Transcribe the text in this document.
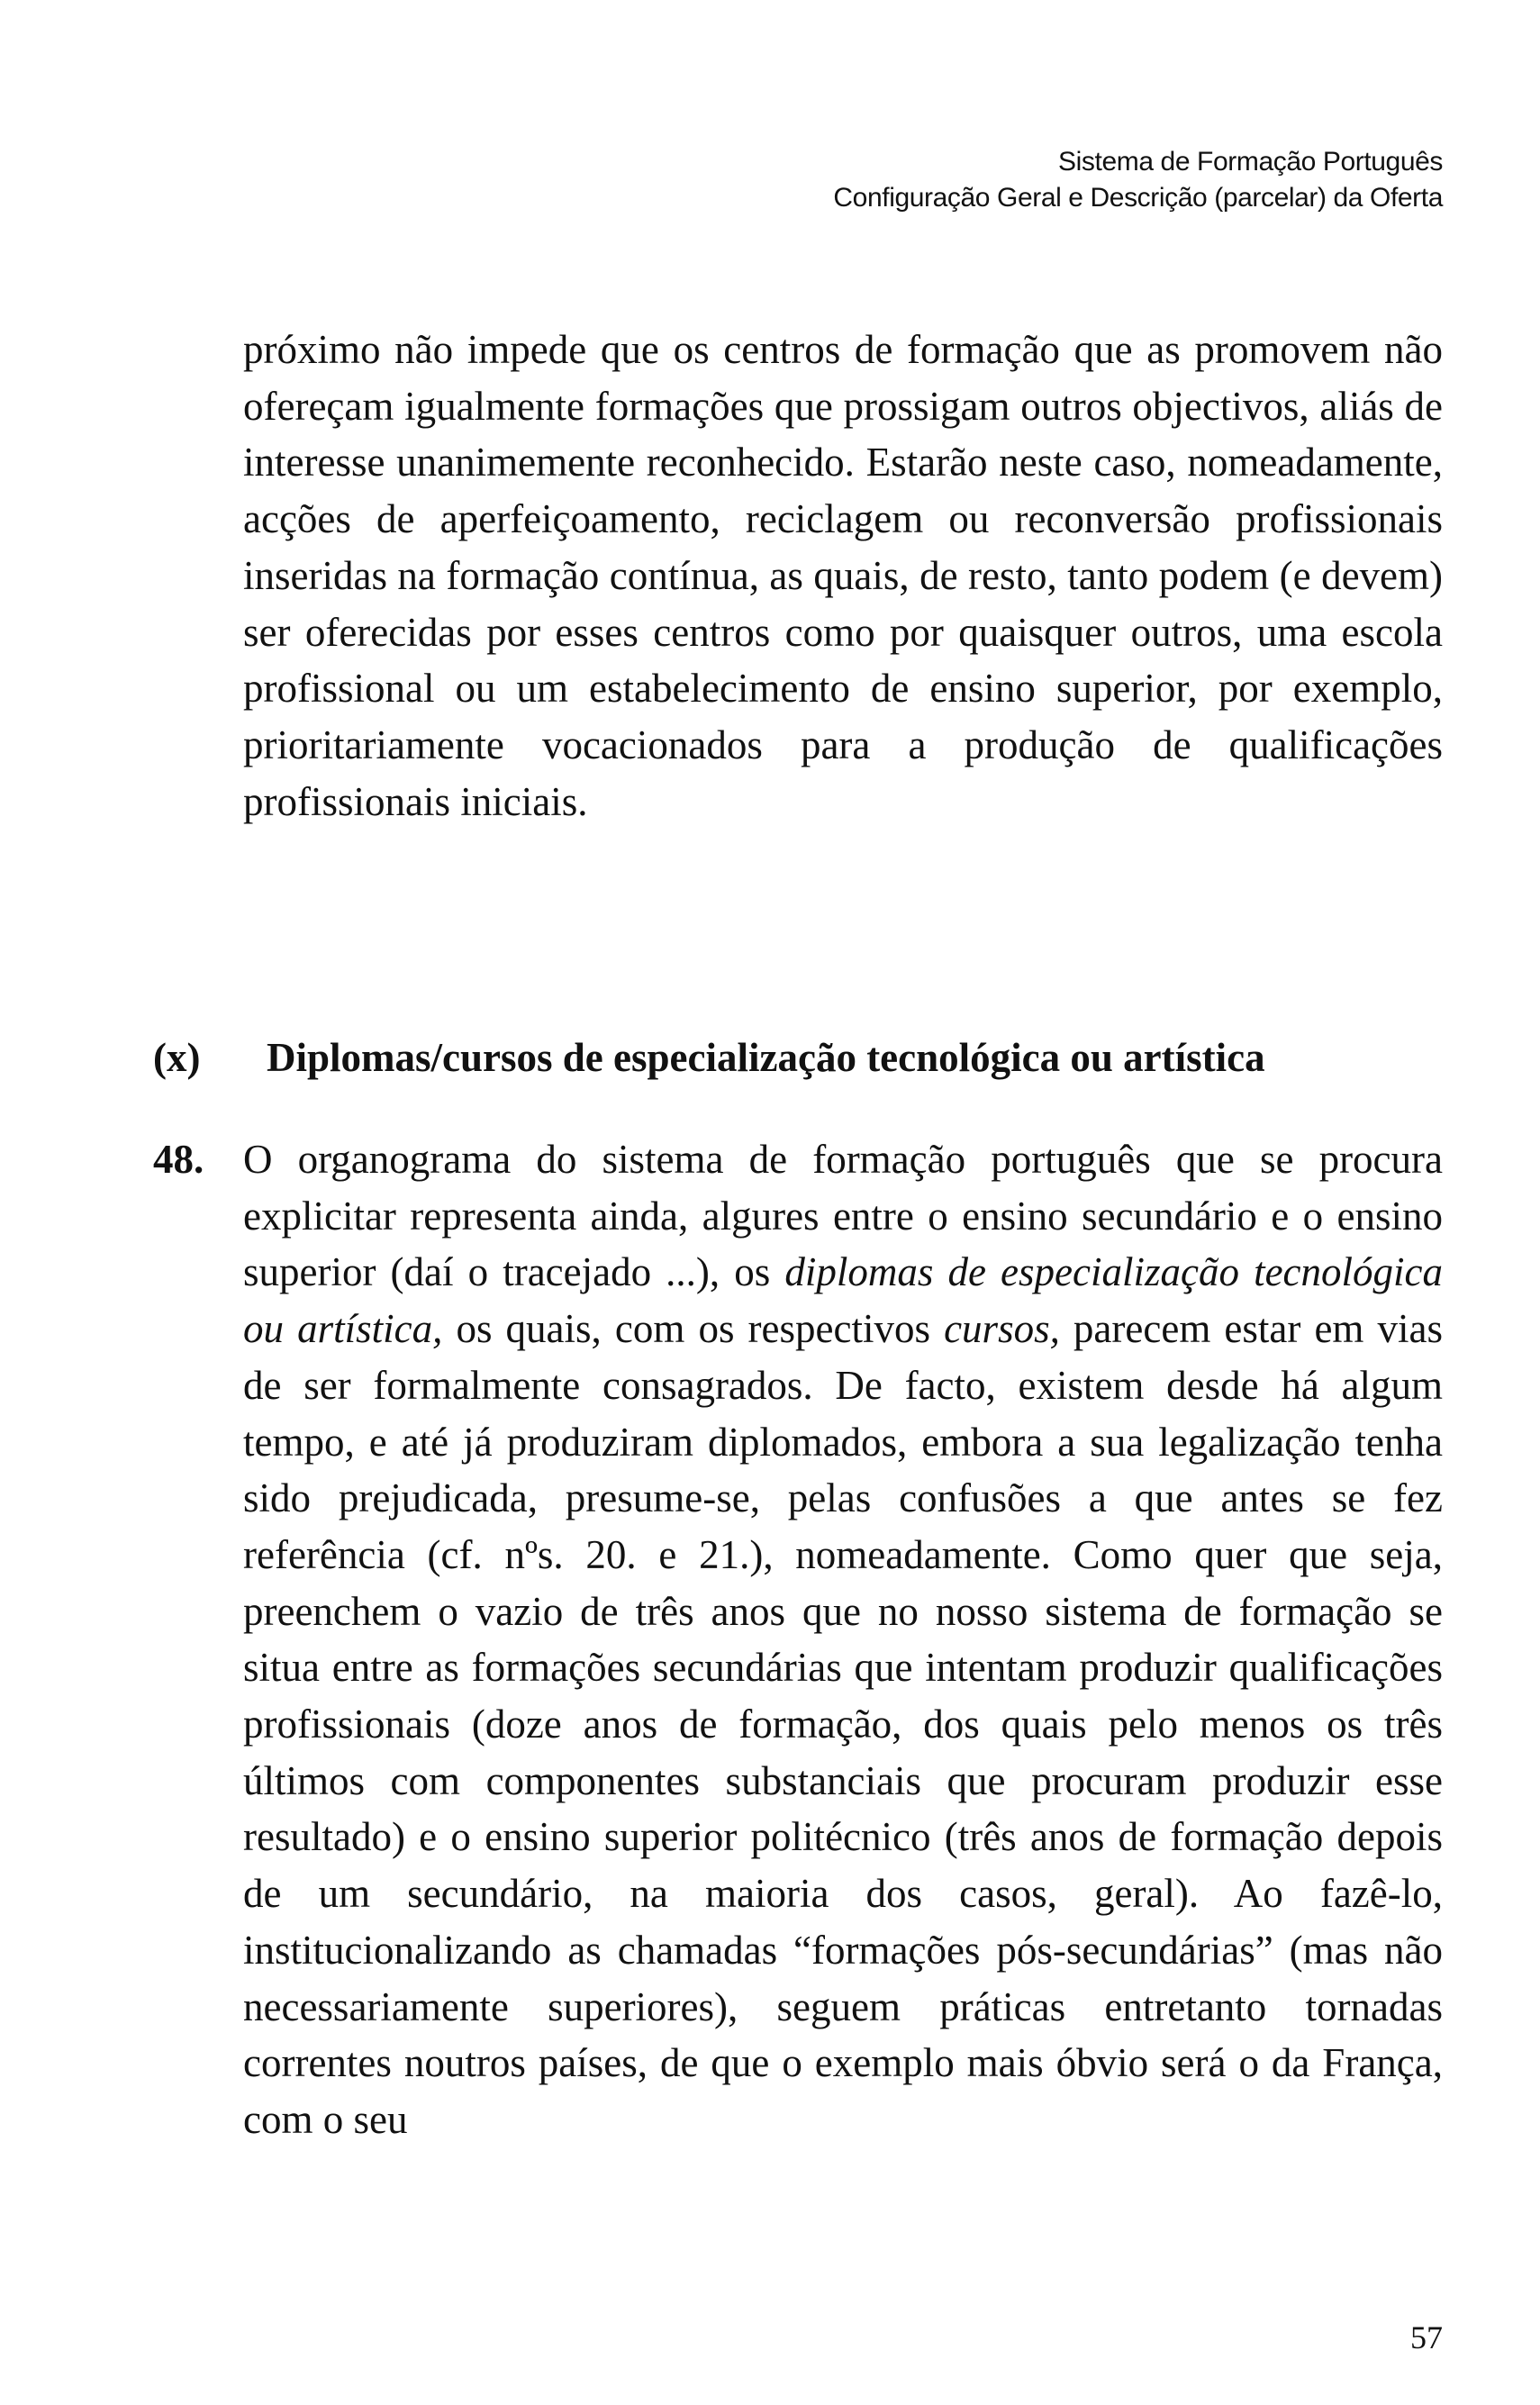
Sistema de Formação Português
Configuração Geral e Descrição (parcelar) da Oferta

próximo não impede que os centros de formação que as promovem não ofereçam igualmente formações que prossigam outros objectivos, aliás de interesse unanimemente reconhecido. Estarão neste caso, nomeadamente, acções de aperfeiçoamento, reciclagem ou reconversão profissionais inseridas na formação contínua, as quais, de resto, tanto podem (e devem) ser oferecidas por esses centros como por quaisquer outros, uma escola profissional ou um estabelecimento de ensino superior, por exemplo, prioritariamente vocacionados para a produção de qualificações profissionais iniciais.

(x) Diplomas/cursos de especialização tecnológica ou artística
48. O organograma do sistema de formação português que se procura explicitar representa ainda, algures entre o ensino secundário e o ensino superior (daí o tracejado ...), os diplomas de especialização tecnológica ou artística, os quais, com os respectivos cursos, parecem estar em vias de ser formalmente consagrados. De facto, existem desde há algum tempo, e até já produziram diplomados, embora a sua legalização tenha sido prejudicada, presume-se, pelas confusões a que antes se fez referência (cf. nºs. 20. e 21.), nomeadamente. Como quer que seja, preenchem o vazio de três anos que no nosso sistema de formação se situa entre as formações secundárias que intentam produzir qualificações profissionais (doze anos de formação, dos quais pelo menos os três últimos com componentes substanciais que procuram produzir esse resultado) e o ensino superior politécnico (três anos de formação depois de um secundário, na maioria dos casos, geral). Ao fazê-lo, institucionalizando as chamadas “formações pós-secundárias” (mas não necessariamente superiores), seguem práticas entretanto tornadas correntes noutros países, de que o exemplo mais óbvio será o da França, com o seu

57
